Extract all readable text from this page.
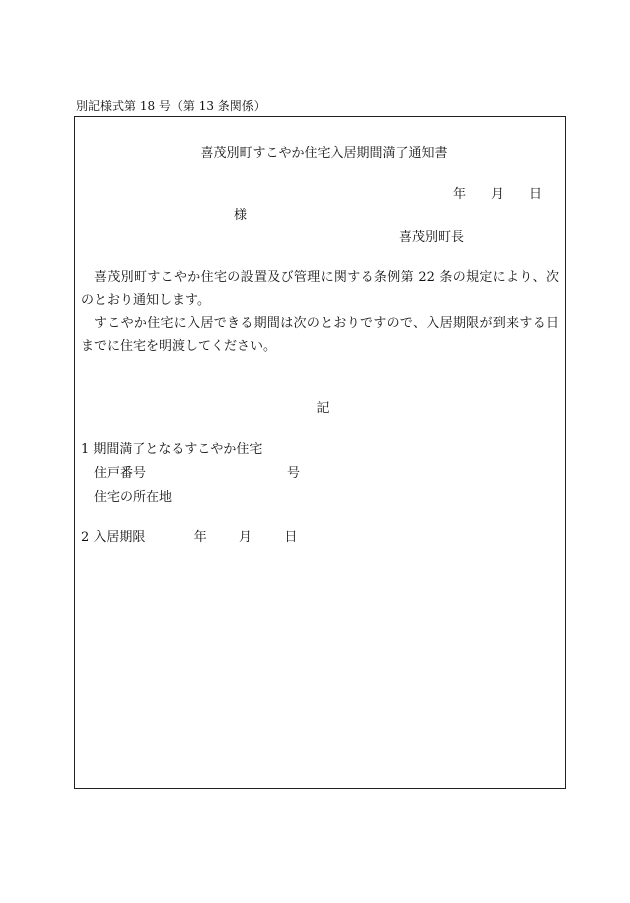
別記様式第 18 号（第 13 条関係）
喜茂別町すこやか住宅入居期間満了通知書
年 月 日
様
喜茂別町長
喜茂別町すこやか住宅の設置及び管理に関する条例第 22 条の規定により、次のとおり通知します。
すこやか住宅に入居できる期間は次のとおりですので、入居期限が到来する日までに住宅を明渡してください。
記
1 期間満了となるすこやか住宅
住戸番号	号
住宅の所在地
2 入居期限	年 月 日
